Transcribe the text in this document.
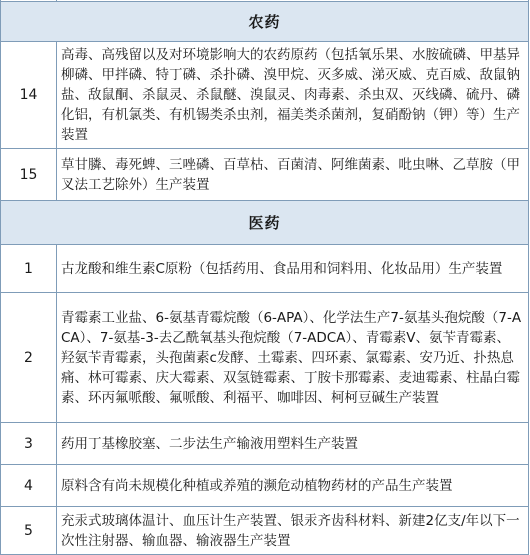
农药	
14	高毒、高残留以及对环境影响大的农药原药（包括氧乐果、水胺硫磷、甲基异柳磷、甲拌磷、特丁磷、杀扑磷、溴甲烷、灭多威、涕灭威、克百威、敌鼠钠盐、敌鼠酮、杀鼠灵、杀鼠醚、溴鼠灵、肉毒素、杀虫双、灭线磷、硫丹、磷化铝，有机氯类、有机锡类杀虫剂，福美类杀菌剂，复硝酚钠（钾）等）生产装置
15	草甘膦、毒死蜱、三唑磷、百草枯、百菌清、阿维菌素、吡虫啉、乙草胺（甲叉法工艺除外）生产装置
医药	
1	古龙酸和维生素C原粉（包括药用、食品用和饲料用、化妆品用）生产装置
2	青霉素工业盐、6-氨基青霉烷酸（6-APA）、化学法生产7-氨基头孢烷酸（7-ACA）、7-氨基-3-去乙酰氧基头孢烷酸（7-ADCA）、青霉素V、氨苄青霉素、羟氨苄青霉素，头孢菌素c发酵、土霉素、四环素、氯霉素、安乃近、扑热息痛、林可霉素、庆大霉素、双氢链霉素、丁胺卡那霉素、麦迪霉素、柱晶白霉素、环丙氟哌酸、氟哌酸、利福平、咖啡因、柯柯豆碱生产装置
3	药用丁基橡胶塞、二步法生产输液用塑料生产装置
4	原料含有尚未规模化种植或养殖的濒危动植物药材的产品生产装置
5	充汞式玻璃体温计、血压计生产装置、银汞齐齿科材料、新建2亿支/年以下一次性注射器、输血器、输液器生产装置
